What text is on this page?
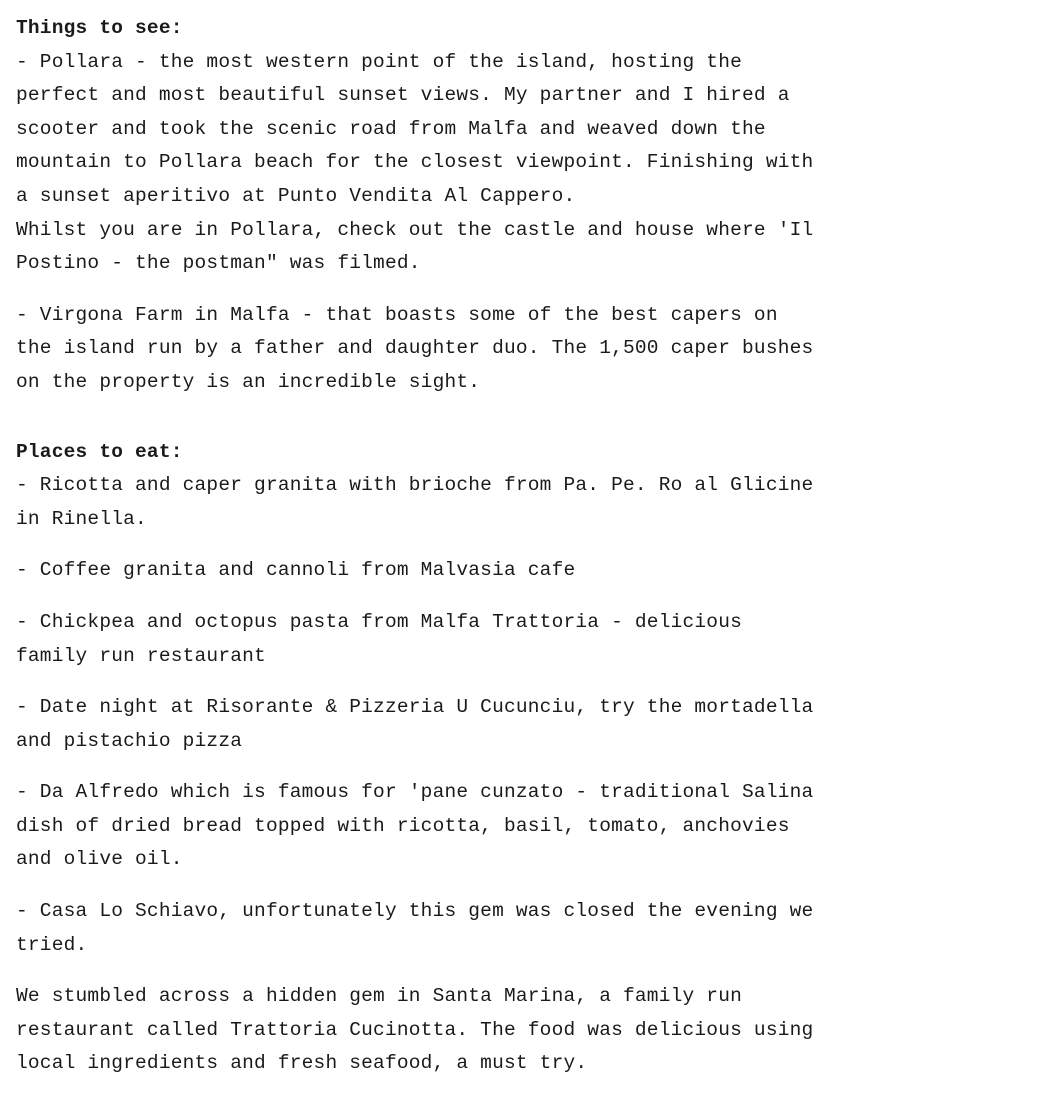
Things to see:

- Pollara - the most western point of the island, hosting the
perfect and most beautiful sunset views. My partner and I hired a
scooter and took the scenic road from Malfa and weaved down the
mountain to Pollara beach for the closest viewpoint. Finishing with
a sunset aperitivo at Punto Vendita Al Cappero.
Whilst you are in Pollara, check out the castle and house where 'Il
Postino - the postman" was filmed.

- Virgona Farm in Malfa - that boasts some of the best capers on
the island run by a father and daughter duo. The 1,500 caper bushes
on the property is an incredible sight.

Places to eat:

- Ricotta and caper granita with brioche from Pa. Pe. Ro al Glicine
in Rinella.

- Coffee granita and cannoli from Malvasia cafe

- Chickpea and octopus pasta from Malfa Trattoria - delicious
family run restaurant

- Date night at Risorante & Pizzeria U Cucunciu, try the mortadella
and pistachio pizza

- Da Alfredo which is famous for 'pane cunzato - traditional Salina
dish of dried bread topped with ricotta, basil, tomato, anchovies
and olive oil.

- Casa Lo Schiavo, unfortunately this gem was closed the evening we
tried.

We stumbled across a hidden gem in Santa Marina, a family run
restaurant called Trattoria Cucinotta. The food was delicious using
local ingredients and fresh seafood, a must try.
